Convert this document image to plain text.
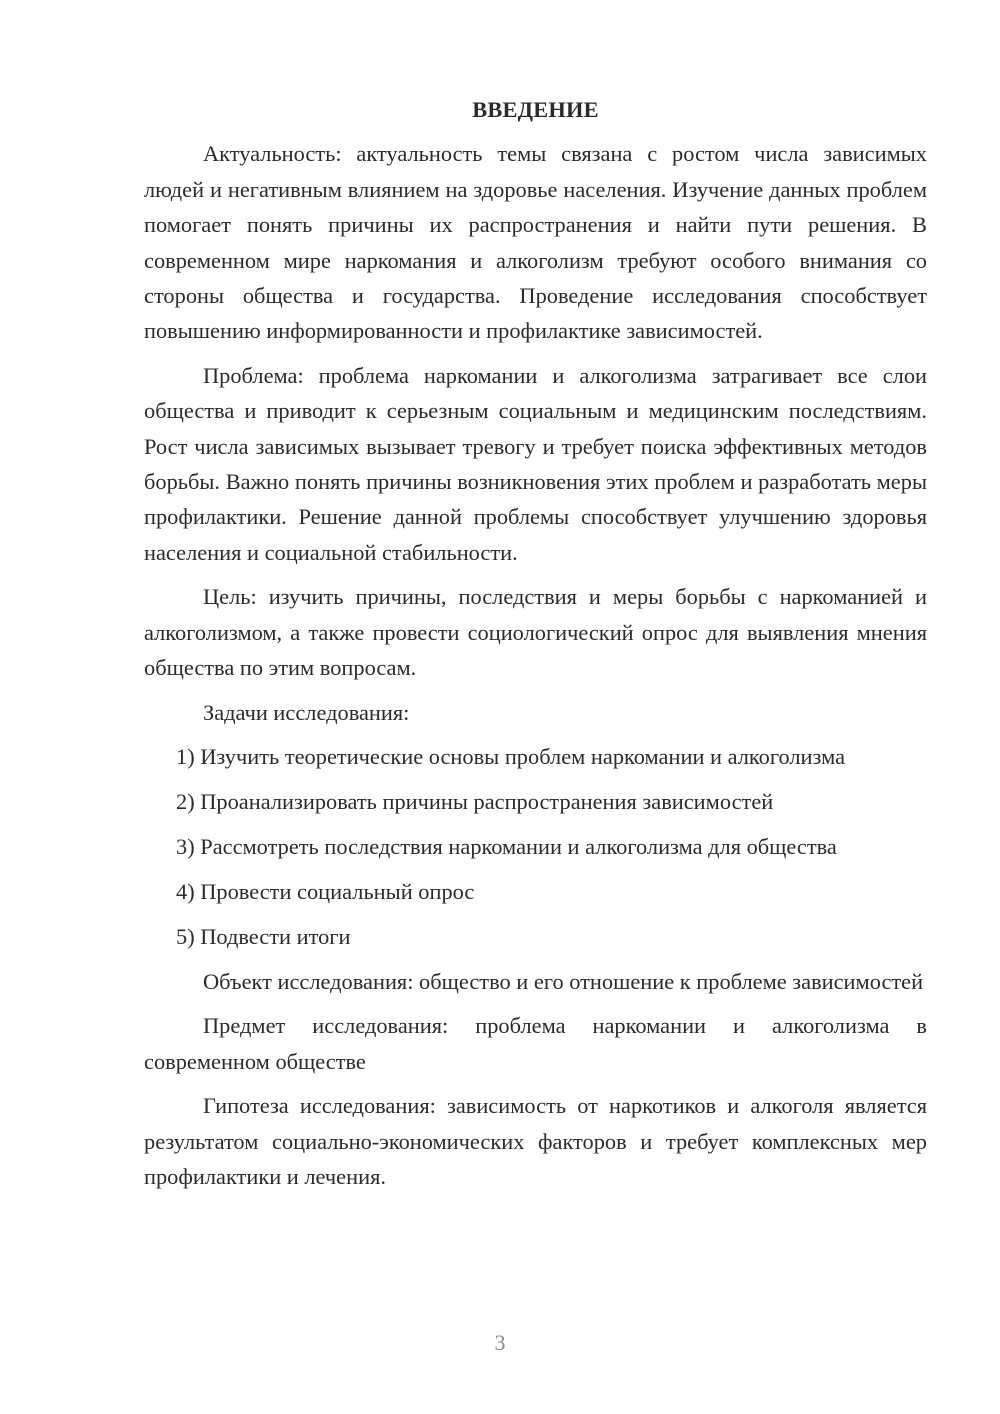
ВВЕДЕНИЕ

Актуальность: актуальность темы связана с ростом числа зависимых людей и негативным влиянием на здоровье населения. Изучение данных проблем помогает понять причины их распространения и найти пути решения. В современном мире наркомания и алкоголизм требуют особого внимания со стороны общества и государства. Проведение исследования способствует повышению информированности и профилактике зависимостей.

Проблема: проблема наркомании и алкоголизма затрагивает все слои общества и приводит к серьезным социальным и медицинским последствиям. Рост числа зависимых вызывает тревогу и требует поиска эффективных методов борьбы. Важно понять причины возникновения этих проблем и разработать меры профилактики. Решение данной проблемы способствует улучшению здоровья населения и социальной стабильности.

Цель: изучить причины, последствия и меры борьбы с наркоманией и алкоголизмом, а также провести социологический опрос для выявления мнения общества по этим вопросам.

Задачи исследования:

1) Изучить теоретические основы проблем наркомании и алкоголизма
2) Проанализировать причины распространения зависимостей
3) Рассмотреть последствия наркомании и алкоголизма для общества
4) Провести социальный опрос
5) Подвести итоги

Объект исследования: общество и его отношение к проблеме зависимостей

Предмет исследования: проблема наркомании и алкоголизма в современном обществе

Гипотеза исследования: зависимость от наркотиков и алкоголя является результатом социально-экономических факторов и требует комплексных мер профилактики и лечения.

3
